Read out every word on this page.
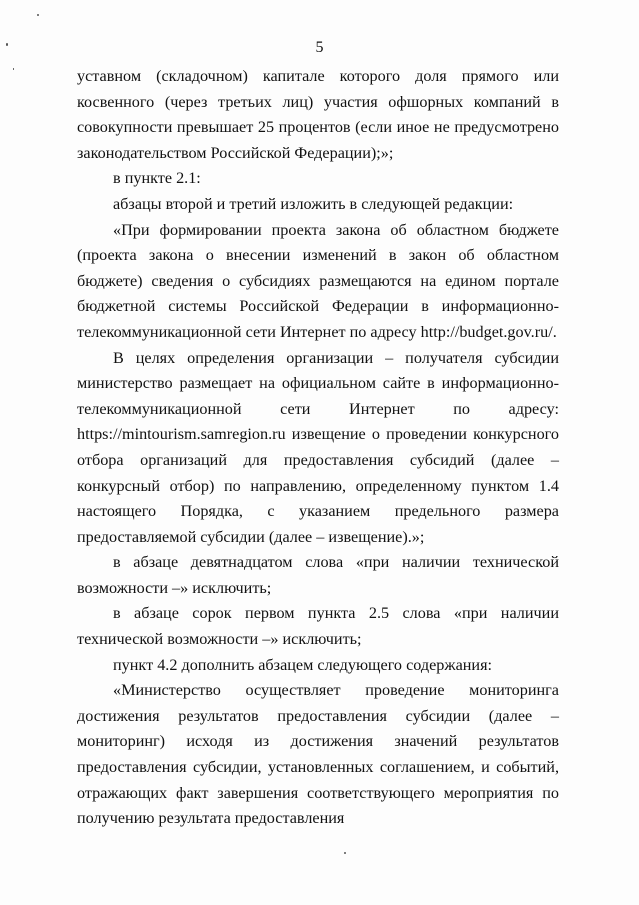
5

уставном (складочном) капитале которого доля прямого или косвенного (через третьих лиц) участия офшорных компаний в совокупности превышает 25 процентов (если иное не предусмотрено законодательством Российской Федерации);»;

в пункте 2.1:

абзацы второй и третий изложить в следующей редакции:

«При формировании проекта закона об областном бюджете (проекта закона о внесении изменений в закон об областном бюджете) сведения о субсидиях размещаются на едином портале бюджетной системы Российской Федерации в информационно-телекоммуникационной сети Интернет по адресу http://budget.gov.ru/.

В целях определения организации – получателя субсидии министерство размещает на официальном сайте в информационно-телекоммуникационной сети Интернет по адресу: https://mintourism.samregion.ru извещение о проведении конкурсного отбора организаций для предоставления субсидий (далее – конкурсный отбор) по направлению, определенному пунктом 1.4 настоящего Порядка, с указанием предельного размера предоставляемой субсидии (далее – извещение).»;

в абзаце девятнадцатом слова «при наличии технической возможности –» исключить;

в абзаце сорок первом пункта 2.5 слова «при наличии технической возможности –» исключить;

пункт 4.2 дополнить абзацем следующего содержания:

«Министерство осуществляет проведение мониторинга достижения результатов предоставления субсидии (далее – мониторинг) исходя из достижения значений результатов предоставления субсидии, установленных соглашением, и событий, отражающих факт завершения соответствующего мероприятия по получению результата предоставления
